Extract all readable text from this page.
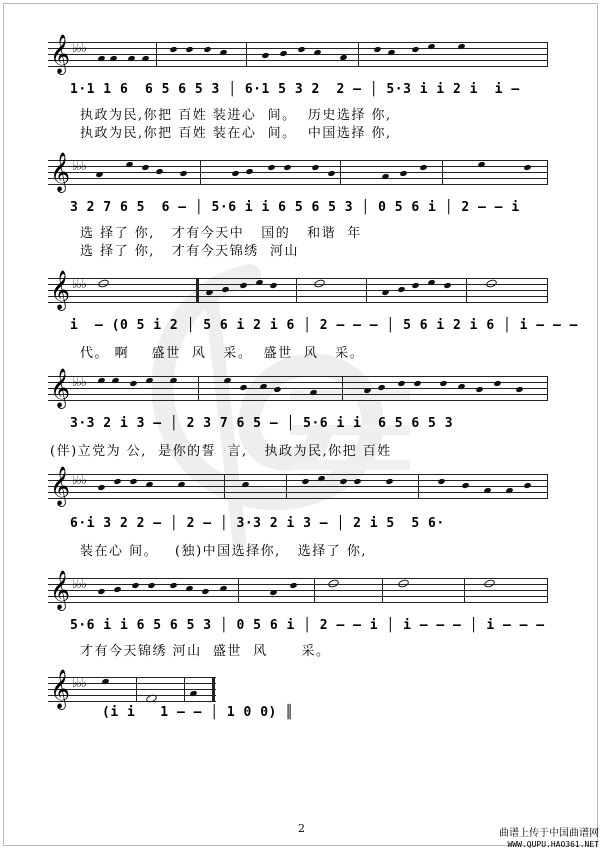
𝄞 ♭♭♭
1·1 1 6  6 5 6 5 3 │ 6·1 5 3 2  2 – │ 5·3 i i 2 i  i –
执政为民,你把 百姓 装进心  间。  历史选择 你,
执政为民,你把 百姓 装在心  间。  中国选择 你,
𝄞 ♭♭♭
3 2 7 6 5  6 – │ 5·6 i i 6 5 6 5 3 │ 0 5 6 i │ 2 – – i
选 择了 你,   才有今天中   国的   和谐  年
选 择了 你,   才有今天锦绣  河山
𝄞 ♭♭♭
i  – (0 5 i 2 │ 5 6 i 2 i 6 │ 2 – – – │ 5 6 i 2 i 6 │ i – – –
代。 啊    盛世  风   采。  盛世  风   采。
𝄞 ♭♭♭
3·3 2 i 3 – │ 2 3 7 6 5 – │ 5·6 i i  6 5 6 5 3
(伴)立党为 公,  是你的誓  言,   执政为民,你把 百姓
𝄞 ♭♭♭
6·i 3 2 2 – │ 2 – │ 3·3 2 i 3 – │ 2 i 5  5 6·
装在心 间。   (独)中国选择你,   选择了 你,
𝄞 ♭♭♭
5·6 i i 6 5 6 5 3 │ 0 5 6 i │ 2 – – i │ i – – – │ i – – –
才有今天锦绣 河山  盛世  风      采。
𝄞 ♭♭♭
(i i   1 – – │ 1 0 0) ║
2	曲谱上传于中国曲谱网
WWW.QUPU.HAO361.NET
